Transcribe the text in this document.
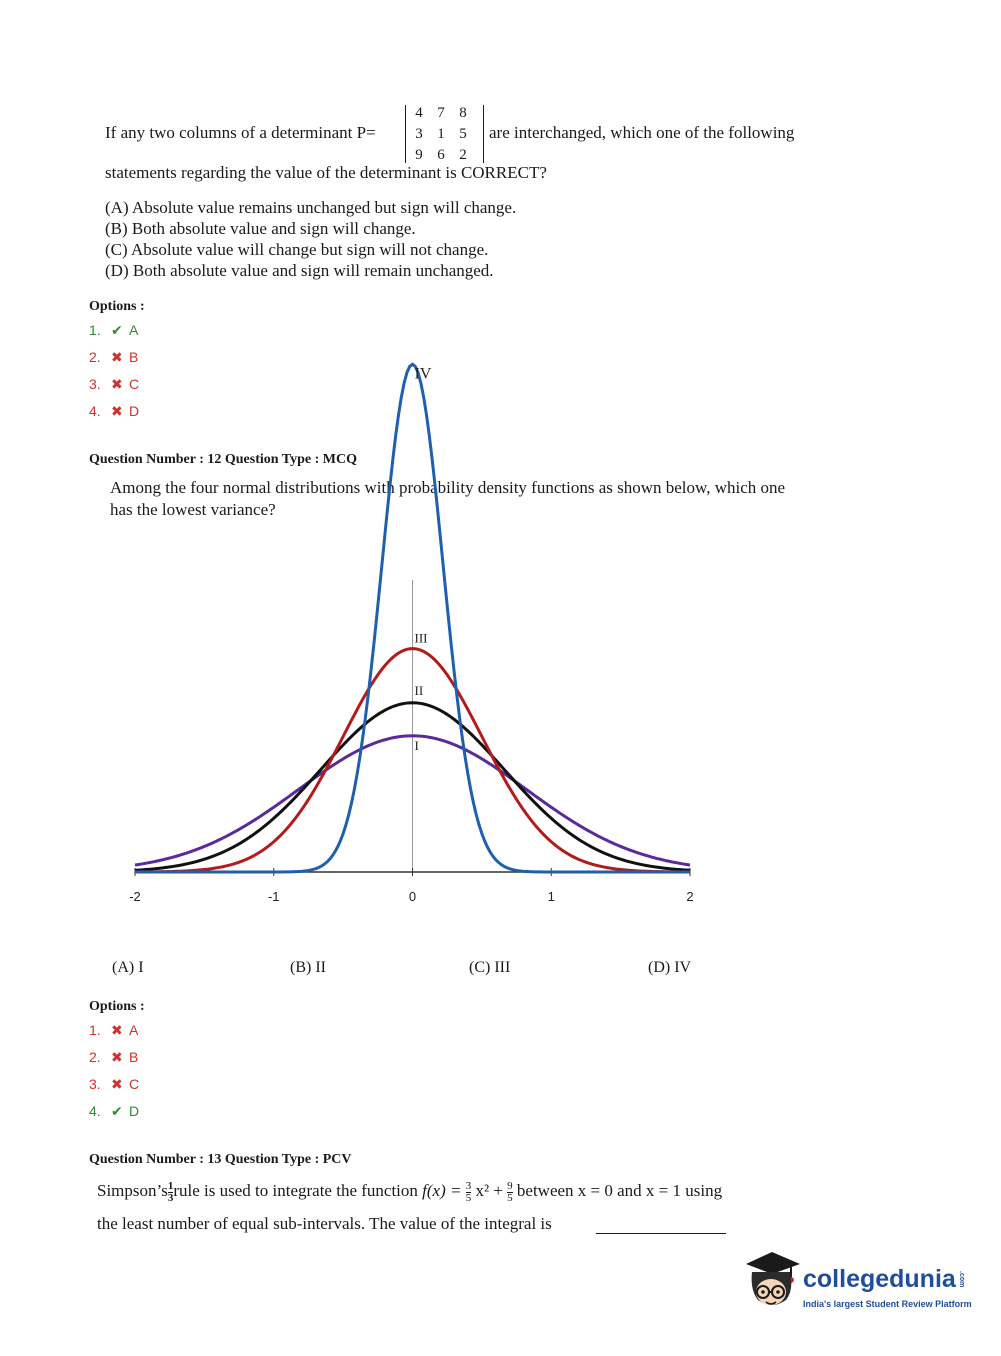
If any two columns of a determinant P=
4 7 8
3 1 5
9 6 2
are interchanged, which one of the following
statements regarding the value of the determinant is CORRECT?
(A) Absolute value remains unchanged but sign will change.
(B) Both absolute value and sign will change.
(C) Absolute value will change but sign will not change.
(D) Both absolute value and sign will remain unchanged.
Options :
1. ✔ A
2. ✖ B
3. ✖ C
4. ✖ D
Question Number : 12 Question Type : MCQ
Among the four normal distributions with probability density functions as shown below, which one
has the lowest variance?
-2	-1	0	1	2
I
II
III
IV
(A) I	(B) II	(C) III	(D) IV
Options :
1. ✖ A
2. ✖ B
3. ✖ C
4. ✔ D
Question Number : 13 Question Type : PCV
Simpson’s $\frac{1}{3}$ rule is used to integrate the function $f(x) = \frac{3}{5} x^2 + \frac{9}{5}$ between x = 0 and x = 1 using
the least number of equal sub-intervals. The value of the integral is
collegedunia .com
India's largest Student Review Platform
